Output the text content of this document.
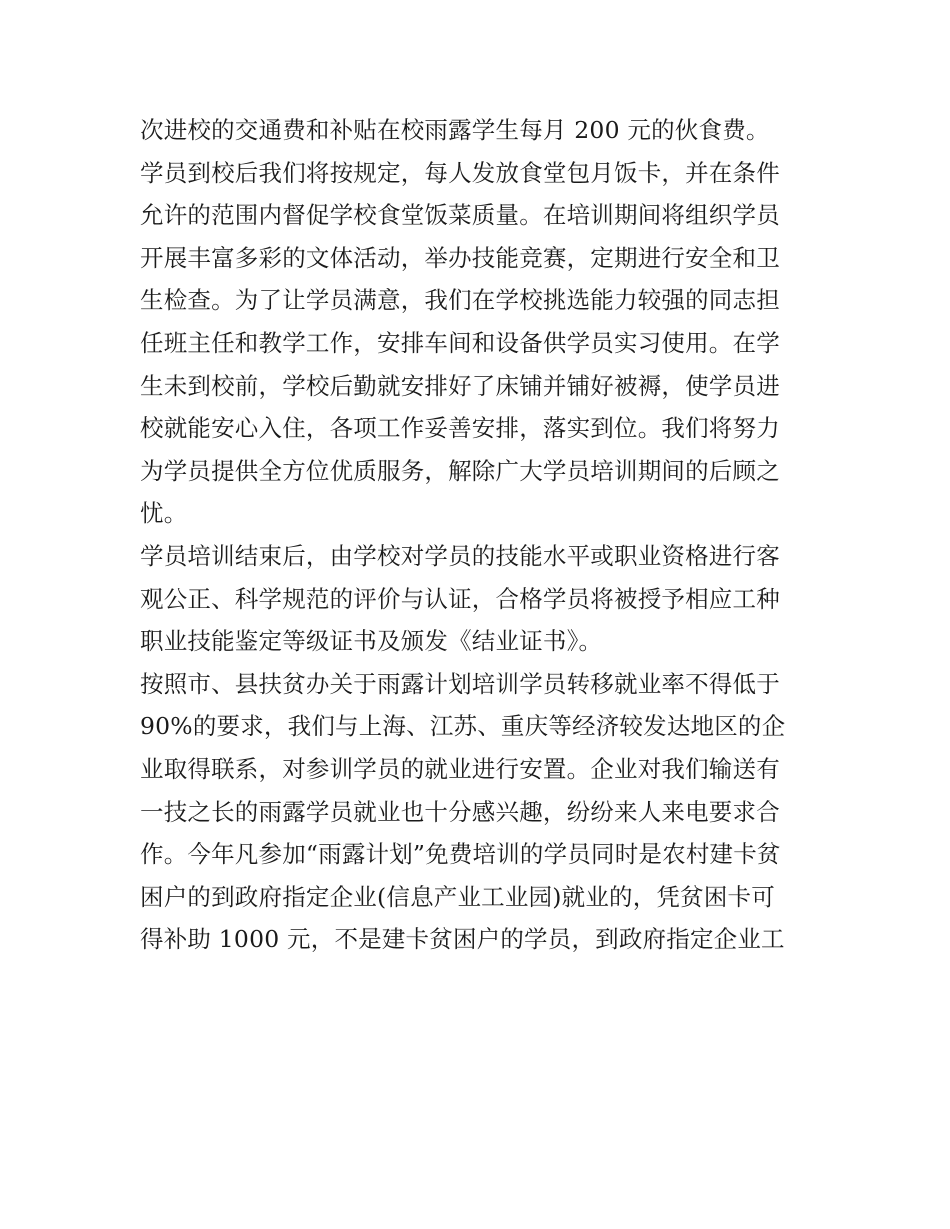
次进校的交通费和补贴在校雨露学生每月 200 元的伙食费。
学员到校后我们将按规定，每人发放食堂包月饭卡，并在条件
允许的范围内督促学校食堂饭菜质量。在培训期间将组织学员
开展丰富多彩的文体活动，举办技能竞赛，定期进行安全和卫
生检查。为了让学员满意，我们在学校挑选能力较强的同志担
任班主任和教学工作，安排车间和设备供学员实习使用。在学
生未到校前，学校后勤就安排好了床铺并铺好被褥，使学员进
校就能安心入住，各项工作妥善安排，落实到位。我们将努力
为学员提供全方位优质服务，解除广大学员培训期间的后顾之
忧。
学员培训结束后，由学校对学员的技能水平或职业资格进行客
观公正、科学规范的评价与认证，合格学员将被授予相应工种
职业技能鉴定等级证书及颁发《结业证书》。
按照市、县扶贫办关于雨露计划培训学员转移就业率不得低于
90%的要求，我们与上海、江苏、重庆等经济较发达地区的企
业取得联系，对参训学员的就业进行安置。企业对我们输送有
一技之长的雨露学员就业也十分感兴趣，纷纷来人来电要求合
作。今年凡参加“雨露计划”免费培训的学员同时是农村建卡贫
困户的到政府指定企业(信息产业工业园)就业的，凭贫困卡可
得补助 1000 元，不是建卡贫困户的学员，到政府指定企业工
